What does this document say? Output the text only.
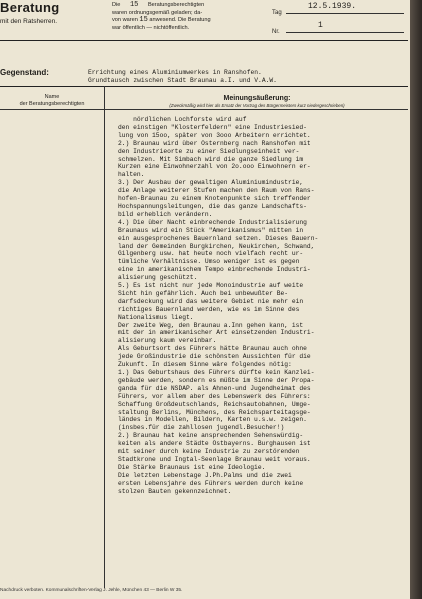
Beratung
mit den Ratsherren.
Die 15 Beratungsberechtigten
waren ordnungsgemäß geladen; da-
von waren 15 anwesend. Die Beratung
war öffentlich — nichtöffentlich.
Tag
12.5.1939.
Nr.
1
Gegenstand:	Errichtung eines Aluminiumwerkes in Ranshofen.
Grundtausch zwischen Stadt Braunau a.I. und V.A.W.
Name
der Beratungsberechtigten
Meinungsäußerung:
(Zweckmäßig wird hier als Ersatz der Vortrag des Bürgermeisters kurz niedergeschrieben)
nördlichen Lochforste wird auf
den einstigen "Klosterfeldern" eine Industriesied-
lung von 15oo, später von 3ooo Arbeitern errichtet.
2.) Braunau wird über Osternberg nach Ranshofen mit
den Industrieorte zu einer Siedlungseinheit ver-
schmelzen. Mit Simbach wird die ganze Siedlung im
Kurzen eine Einwohnerzahl von 2o.ooo Einwohnern er-
halten.
3.) Der Ausbau der gewaltigen Aluminiumindustrie,
die Anlage weiterer Stufen machen den Raum von Rans-
hofen-Braunau zu einem Knotenpunkte sich treffender
Hochspannungsleitungen, die das ganze Landschafts-
bild erheblich verändern.
4.) Die über Nacht einbrechende Industrialisierung
Braunaus wird ein Stück "Amerikanismus" mitten in
ein ausgesprochenes Bauernland setzen. Dieses Bauern-
land der Gemeinden Burgkirchen, Neukirchen, Schwand,
Gilgenberg usw. hat heute noch vielfach recht ur-
tümliche Verhältnisse. Umso weniger ist es gegen
eine in amerikanischem Tempo einbrechende Industri-
alisierung geschützt.
5.) Es ist nicht nur jede Monoindustrie auf weite
Sicht hin gefährlich. Auch bei unbewußter Be-
darfsdeckung wird das weitere Gebiet nie mehr ein
richtiges Bauernland werden, wie es im Sinne des
Nationalismus liegt.
Der zweite Weg, den Braunau a.Inn gehen kann, ist
mit der in amerikanischer Art einsetzenden Industri-
alisierung kaum vereinbar.
Als Geburtsort des Führers hätte Braunau auch ohne
jede Großindustrie die schönsten Aussichten für die
Zukunft. In diesem Sinne wäre folgendes nötig:
1.) Das Geburtshaus des Führers dürfte kein Kanzlei-
gebäude werden, sondern es müßte im Sinne der Propa-
ganda für die NSDAP. als Ahnen-und Jugendheimat des
Führers, vor allem aber des Lebenswerk des Führers:
Schaffung Großdeutschlands, Reichsautobahnen, Umge-
staltung Berlins, Münchens, des Reichsparteitagsge-
ländes in Modellen, Bildern, Karten u.s.w. zeigen.
(insbes.für die zahllosen jugendl.Besucher!)
2.) Braunau hat keine ansprechenden Sehenswürdig-
keiten als andere Städte Ostbayerns. Burghausen ist
mit seiner durch keine Industrie zu zerstörenden
Stadtkrone und Ingtal-Seenlage Braunau weit voraus.
Die Stärke Braunaus ist eine Ideologie.
Die letzten Lebenstage J.Ph.Palms und die zwei
ersten Lebensjahre des Führers werden durch keine
stolzen Bauten gekennzeichnet.
Nachdruck verboten. Kommunalschriften-Verlag J. Jehle, München 43 — Berlin W 35.
